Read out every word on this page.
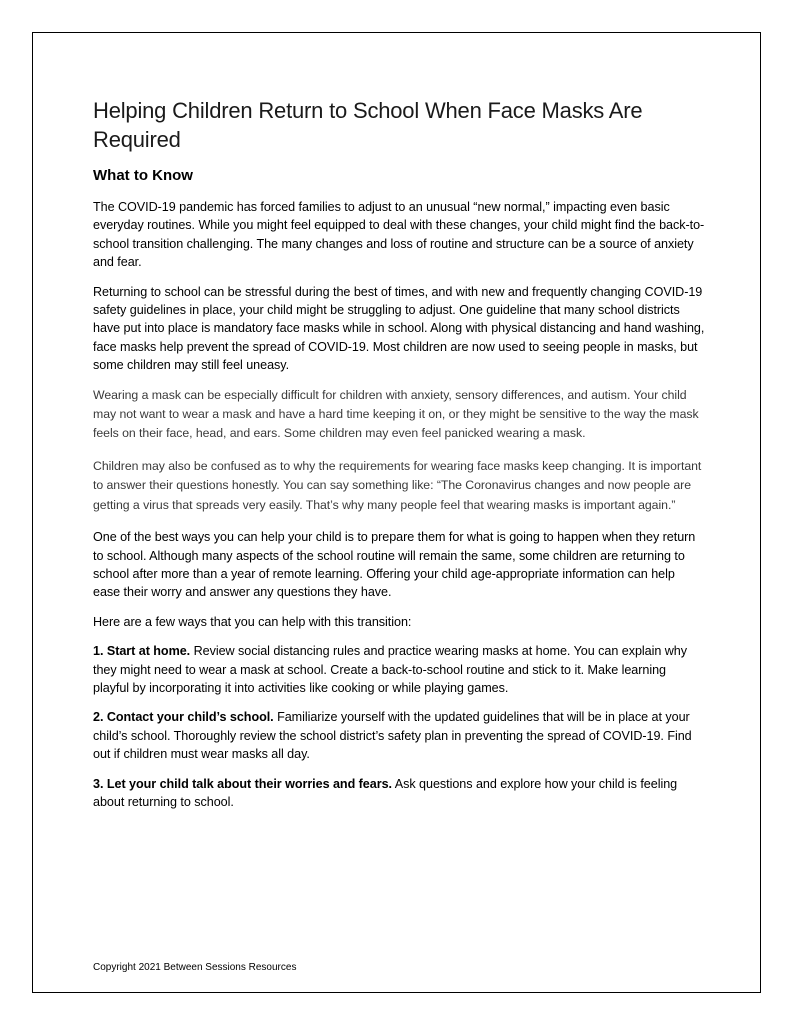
Helping Children Return to School When Face Masks Are Required
What to Know

The COVID-19 pandemic has forced families to adjust to an unusual “new normal,” impacting even basic everyday routines. While you might feel equipped to deal with these changes, your child might find the back-to-school transition challenging. The many changes and loss of routine and structure can be a source of anxiety and fear.

Returning to school can be stressful during the best of times, and with new and frequently changing COVID-19 safety guidelines in place, your child might be struggling to adjust. One guideline that many school districts have put into place is mandatory face masks while in school. Along with physical distancing and hand washing, face masks help prevent the spread of COVID-19. Most children are now used to seeing people in masks, but some children may still feel uneasy.

Wearing a mask can be especially difficult for children with anxiety, sensory differences, and autism. Your child may not want to wear a mask and have a hard time keeping it on, or they might be sensitive to the way the mask feels on their face, head, and ears. Some children may even feel panicked wearing a mask.

Children may also be confused as to why the requirements for wearing face masks keep changing. It is important to answer their questions honestly. You can say something like: “The Coronavirus changes and now people are getting a virus that spreads very easily. That’s why many people feel that wearing masks is important again.”

One of the best ways you can help your child is to prepare them for what is going to happen when they return to school. Although many aspects of the school routine will remain the same, some children are returning to school after more than a year of remote learning. Offering your child age-appropriate information can help ease their worry and answer any questions they have.

Here are a few ways that you can help with this transition:

1. Start at home. Review social distancing rules and practice wearing masks at home. You can explain why they might need to wear a mask at school. Create a back-to-school routine and stick to it. Make learning playful by incorporating it into activities like cooking or while playing games.

2. Contact your child’s school. Familiarize yourself with the updated guidelines that will be in place at your child’s school. Thoroughly review the school district’s safety plan in preventing the spread of COVID-19. Find out if children must wear masks all day.

3. Let your child talk about their worries and fears. Ask questions and explore how your child is feeling about returning to school.

Copyright 2021 Between Sessions Resources
